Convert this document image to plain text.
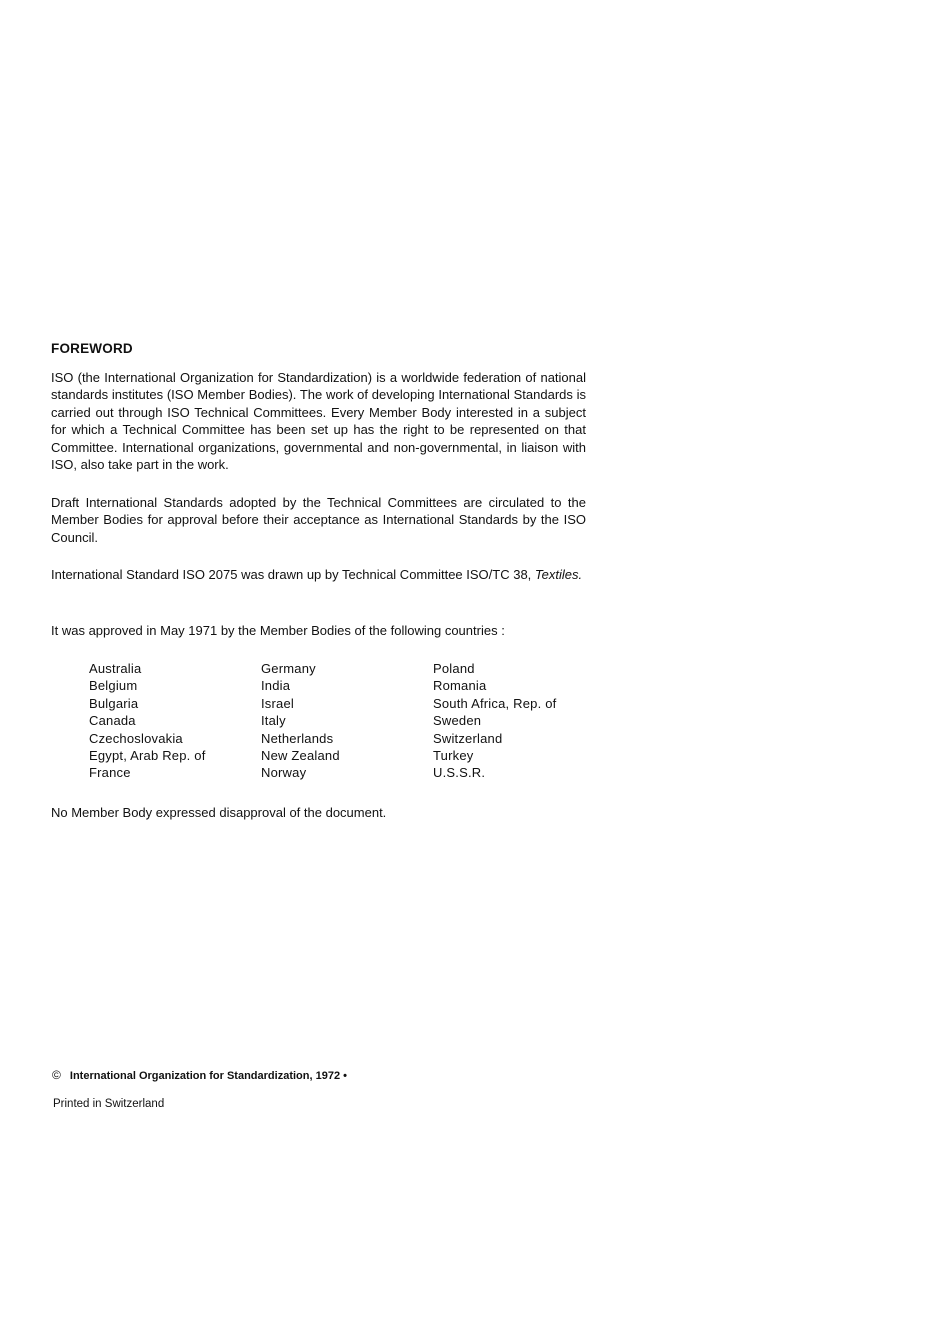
FOREWORD
ISO (the International Organization for Standardization) is a worldwide federation of national standards institutes (ISO Member Bodies). The work of developing International Standards is carried out through ISO Technical Committees. Every Member Body interested in a subject for which a Technical Committee has been set up has the right to be represented on that Committee. International organizations, governmental and non-governmental, in liaison with ISO, also take part in the work.
Draft International Standards adopted by the Technical Committees are circulated to the Member Bodies for approval before their acceptance as International Standards by the ISO Council.
International Standard ISO 2075 was drawn up by Technical Committee ISO/TC 38, Textiles.
It was approved in May 1971 by the Member Bodies of the following countries :
Australia
Belgium
Bulgaria
Canada
Czechoslovakia
Egypt, Arab Rep. of
France
Germany
India
Israel
Italy
Netherlands
New Zealand
Norway
Poland
Romania
South Africa, Rep. of
Sweden
Switzerland
Turkey
U.S.S.R.
No Member Body expressed disapproval of the document.
© International Organization for Standardization, 1972 •
Printed in Switzerland
